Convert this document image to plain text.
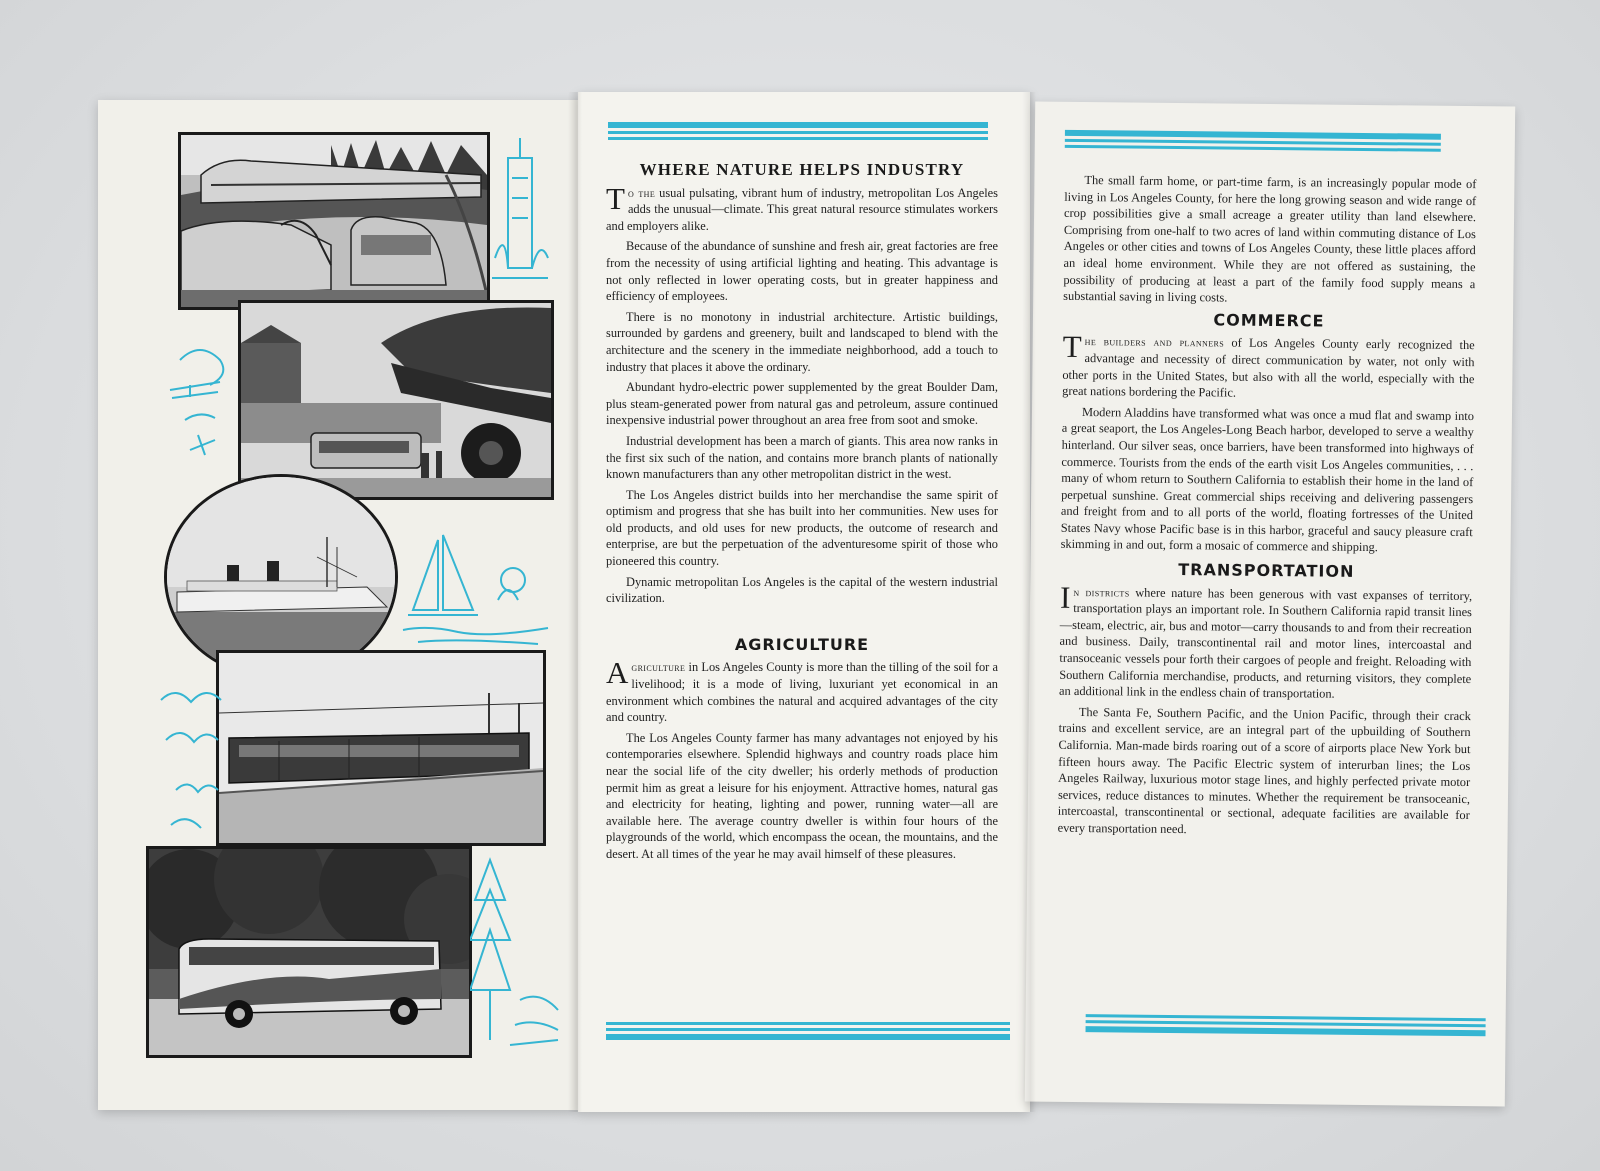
WHERE NATURE HELPS INDUSTRY

To the usual pulsating, vibrant hum of industry, metropolitan Los Angeles adds the unusual—climate. This great natural resource stimulates workers and employers alike.

Because of the abundance of sunshine and fresh air, great factories are free from the necessity of using artificial lighting and heating. This advantage is not only reflected in lower operating costs, but in greater happiness and efficiency of employees.

There is no monotony in industrial architecture. Artistic buildings, surrounded by gardens and greenery, built and landscaped to blend with the architecture and the scenery in the immediate neighborhood, add a touch to industry that places it above the ordinary.

Abundant hydro-electric power supplemented by the great Boulder Dam, plus steam-generated power from natural gas and petroleum, assure continued inexpensive industrial power throughout an area free from soot and smoke.

Industrial development has been a march of giants. This area now ranks in the first six such of the nation, and contains more branch plants of nationally known manufacturers than any other metropolitan district in the west.

The Los Angeles district builds into her merchandise the same spirit of optimism and progress that she has built into her communities. New uses for old products, and old uses for new products, the outcome of research and enterprise, are but the perpetuation of the adventuresome spirit of those who pioneered this country.

Dynamic metropolitan Los Angeles is the capital of the western industrial civilization.

AGRICULTURE

Agriculture in Los Angeles County is more than the tilling of the soil for a livelihood; it is a mode of living, luxuriant yet economical in an environment which combines the natural and acquired advantages of the city and country.

The Los Angeles County farmer has many advantages not enjoyed by his contemporaries elsewhere. Splendid highways and country roads place him near the social life of the city dweller; his orderly methods of production permit him as great a leisure for his enjoyment. Attractive homes, natural gas and electricity for heating, lighting and power, running water—all are available here. The average country dweller is within four hours of the playgrounds of the world, which encompass the ocean, the mountains, and the desert. At all times of the year he may avail himself of these pleasures.

The small farm home, or part-time farm, is an increasingly popular mode of living in Los Angeles County, for here the long growing season and wide range of crop possibilities give a small acreage a greater utility than land elsewhere. Comprising from one-half to two acres of land within commuting distance of Los Angeles or other cities and towns of Los Angeles County, these little places afford an ideal home environment. While they are not offered as sustaining, the possibility of producing at least a part of the family food supply means a substantial saving in living costs.

COMMERCE

The builders and planners of Los Angeles County early recognized the advantage and necessity of direct communication by water, not only with other ports in the United States, but also with all the world, especially with the great nations bordering the Pacific.

Modern Aladdins have transformed what was once a mud flat and swamp into a great seaport, the Los Angeles-Long Beach harbor, developed to serve a wealthy hinterland. Our silver seas, once barriers, have been transformed into highways of commerce. Tourists from the ends of the earth visit Los Angeles communities, . . . many of whom return to Southern California to establish their home in the land of perpetual sunshine. Great commercial ships receiving and delivering passengers and freight from and to all ports of the world, floating fortresses of the United States Navy whose Pacific base is in this harbor, graceful and saucy pleasure craft skimming in and out, form a mosaic of commerce and shipping.

TRANSPORTATION

In districts where nature has been generous with vast expanses of territory, transportation plays an important role. In Southern California rapid transit lines—steam, electric, air, bus and motor—carry thousands to and from their recreation and business. Daily, transcontinental rail and motor lines, intercoastal and transoceanic vessels pour forth their cargoes of people and freight. Reloading with Southern California merchandise, products, and returning visitors, they complete an additional link in the endless chain of transportation.

The Santa Fe, Southern Pacific, and the Union Pacific, through their crack trains and excellent service, are an integral part of the upbuilding of Southern California. Man-made birds roaring out of a score of airports place New York but fifteen hours away. The Pacific Electric system of interurban lines; the Los Angeles Railway, luxurious motor stage lines, and highly perfected private motor services, reduce distances to minutes. Whether the requirement be transoceanic, intercoastal, transcontinental or sectional, adequate facilities are available for every transportation need.
